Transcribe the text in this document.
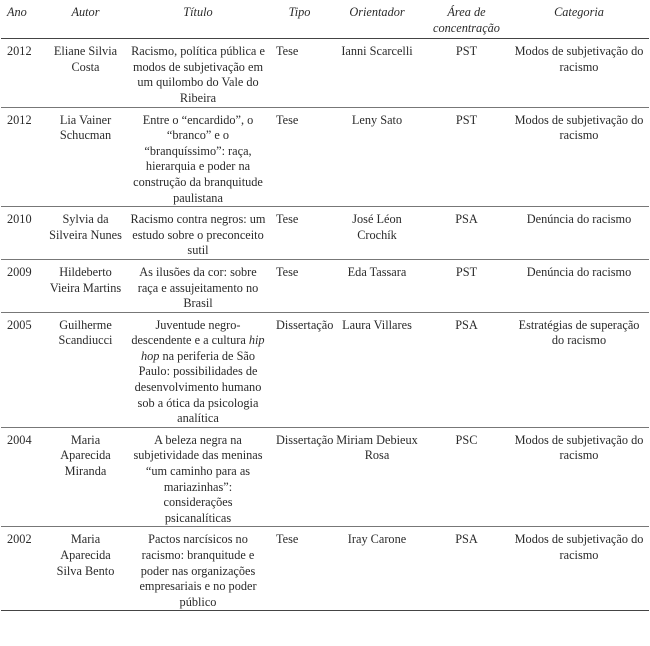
Ano	Autor	Título	Tipo	Orientador	Área de concentração	Categoria
2012	Eliane Silvia Costa	Racismo, política pública e modos de subjetivação em um quilombo do Vale do Ribeira	Tese	Ianni Scarcelli	PST	Modos de subjetivação do racismo
2012	Lia Vainer Schucman	Entre o “encardido”, o “branco” e o “branquíssimo”: raça, hierarquia e poder na construção da branquitude paulistana	Tese	Leny Sato	PST	Modos de subjetivação do racismo
2010	Sylvia da Silveira Nunes	Racismo contra negros: um estudo sobre o preconceito sutil	Tese	José Léon Crochík	PSA	Denúncia do racismo
2009	Hildeberto Vieira Martins	As ilusões da cor: sobre raça e assujeitamento no Brasil	Tese	Eda Tassara	PST	Denúncia do racismo
2005	Guilherme Scandiucci	Juventude negro-descendente e a cultura hip hop na periferia de São Paulo: possibilidades de desenvolvimento humano sob a ótica da psicologia analítica	Dissertação	Laura Villares	PSA	Estratégias de superação do racismo
2004	Maria Aparecida Miranda	A beleza negra na subjetividade das meninas “um caminho para as mariazinhas”: considerações psicanalíticas	Dissertação	Miriam Debieux Rosa	PSC	Modos de subjetivação do racismo
2002	Maria Aparecida Silva Bento	Pactos narcísicos no racismo: branquitude e poder nas organizações empresariais e no poder público	Tese	Iray Carone	PSA	Modos de subjetivação do racismo
